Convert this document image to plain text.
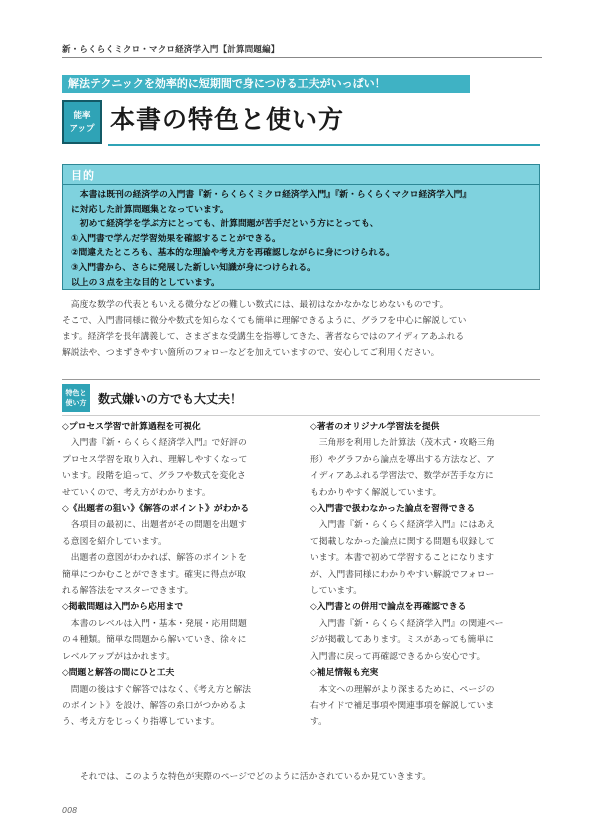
新・らくらくミクロ・マクロ経済学入門【計算問題編】
解法テクニックを効率的に短期間で身につける工夫がいっぱい！
能率
アップ 本書の特色と使い方
目的
　本書は既刊の経済学の入門書『新・らくらくミクロ経済学入門』『新・らくらくマクロ経済学入門』
に対応した計算問題集となっています。
　初めて経済学を学ぶ方にとっても、計算問題が苦手だという方にとっても、
①入門書で学んだ学習効果を確認することができる。
②間違えたところも、基本的な理論や考え方を再確認しながらに身につけられる。
③入門書から、さらに発展した新しい知識が身につけられる。
以上の３点を主な目的としています。
　高度な数学の代表ともいえる微分などの難しい数式には、最初はなかなかなじめないものです。
そこで、入門書同様に微分や数式を知らなくても簡単に理解できるように、グラフを中心に解説してい
ます。経済学を長年講義して、さまざまな受講生を指導してきた、著者ならではのアイディアあふれる
解説法や、つまずきやすい箇所のフォローなどを加えていますので、安心してご利用ください。
特色と
使い方 数式嫌いの方でも大丈夫！
◇プロセス学習で計算過程を可視化
　入門書『新・らくらく経済学入門』で好評の
プロセス学習を取り入れ、理解しやすくなって
います。段階を追って、グラフや数式を変化さ
せていくので、考え方がわかります。
◇《出題者の狙い》《解答のポイント》がわかる
　各項目の最初に、出題者がその問題を出題す
る意図を紹介しています。
　出題者の意図がわかれば、解答のポイントを
簡単につかむことができます。確実に得点が取
れる解答法をマスターできます。
◇掲載問題は入門から応用まで
　本書のレベルは入門・基本・発展・応用問題
の４種類。簡単な問題から解いていき、徐々に
レベルアップがはかれます。
◇問題と解答の間にひと工夫
　問題の後はすぐ解答ではなく、《考え方と解法
のポイント》を設け、解答の糸口がつかめるよ
う、考え方をじっくり指導しています。
◇著者のオリジナル学習法を提供
　三角形を利用した計算法（茂木式・攻略三角
形）やグラフから論点を導出する方法など、ア
イディアあふれる学習法で、数学が苦手な方に
もわかりやすく解説しています。
◇入門書で扱わなかった論点を習得できる
　入門書『新・らくらく経済学入門』にはあえ
て掲載しなかった論点に関する問題も収録して
います。本書で初めて学習することになります
が、入門書同様にわかりやすい解説でフォロー
しています。
◇入門書との併用で論点を再確認できる
　入門書『新・らくらく経済学入門』の関連ペー
ジが掲載してあります。ミスがあっても簡単に
入門書に戻って再確認できるから安心です。
◇補足情報も充実
　本文への理解がより深まるために、ページの
右サイドで補足事項や関連事項を解説していま
す。
それでは、このような特色が実際のページでどのように活かされているか見ていきます。
008
